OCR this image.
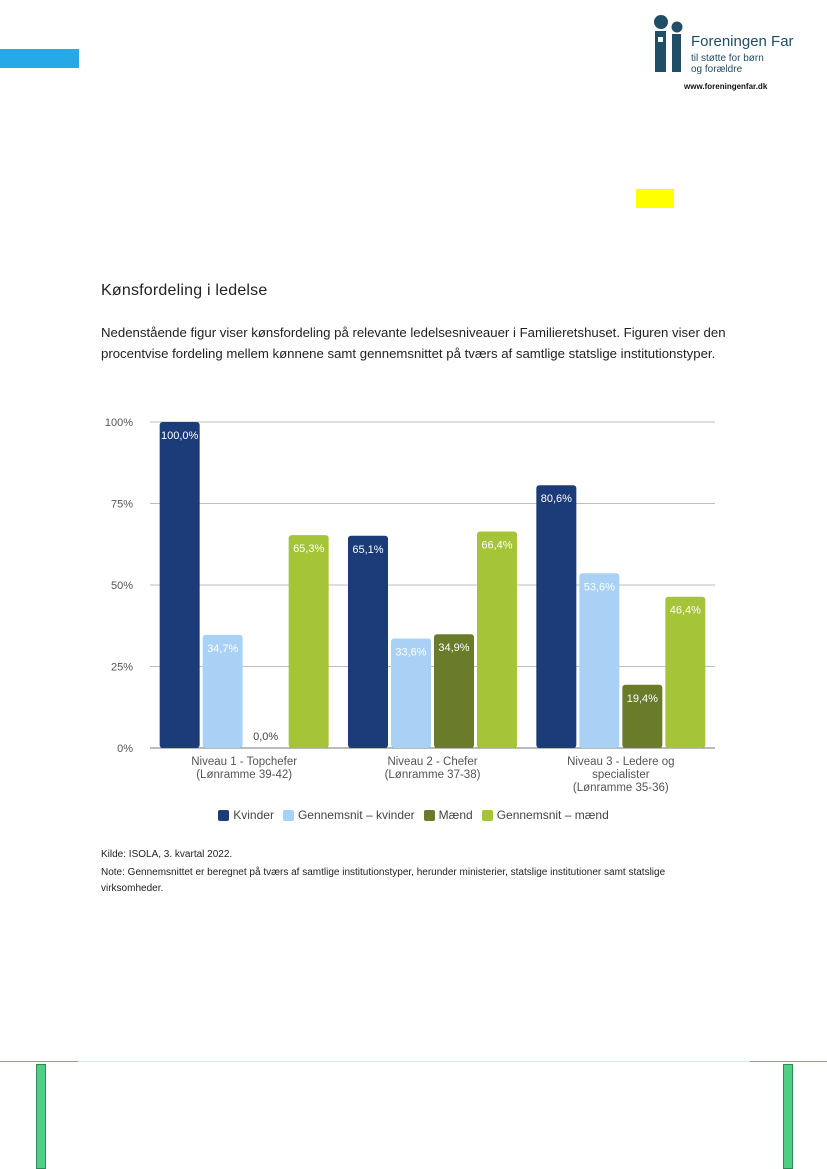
Foreningen Far
til støtte for børn
og forældre
www.foreningenfar.dk
Kønsfordeling i ledelse
Nedenstående figur viser kønsfordeling på relevante ledelsesniveauer i Familieretshuset. Figuren viser den procentvise fordeling mellem kønnene samt gennemsnittet på tværs af samtlige statslige institutionstyper.
0%
25%
50%
75%
100%
100,0%
34,7%
0,0%
65,3%
Niveau 1 - Topchefer
(Lønramme 39-42)
65,1%
33,6% 34,9%
66,4%
Niveau 2 - Chefer
(Lønramme 37-38)
80,6%
53,6%
19,4%
46,4%
Niveau 3 - Ledere og
specialister
(Lønramme 35-36)
Kvinder Gennemsnit – kvinder Mænd Gennemsnit – mænd
Kilde: ISOLA, 3. kvartal 2022.
Note: Gennemsnittet er beregnet på tværs af samtlige institutionstyper, herunder ministerier, statslige institutioner samt statslige virksomheder.
